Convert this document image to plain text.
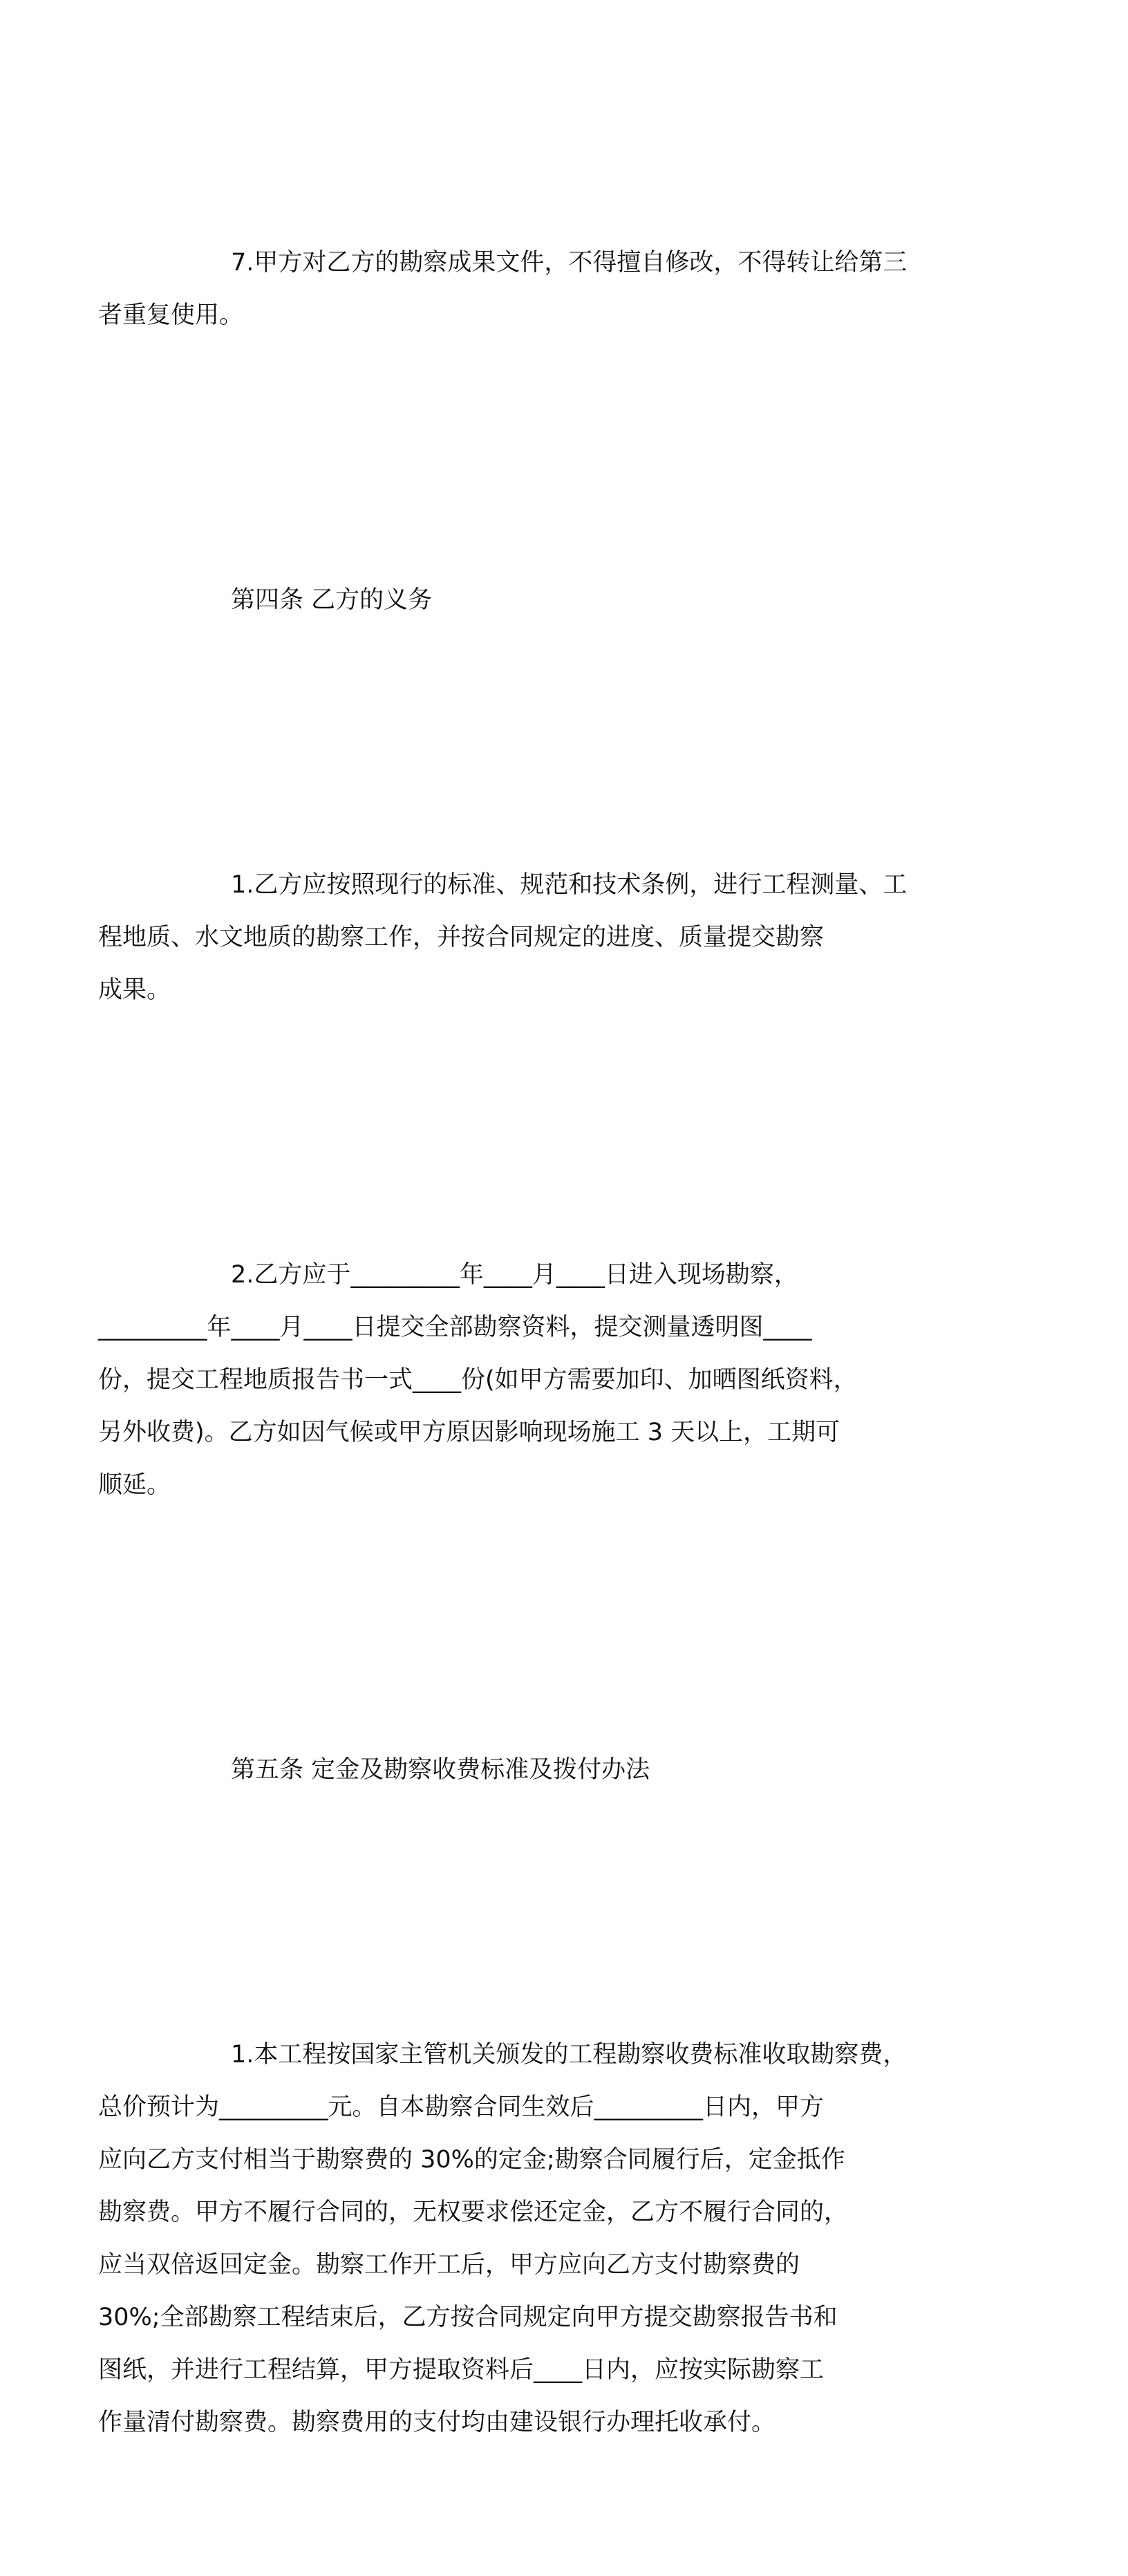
7.甲方对乙方的勘察成果文件，不得擅自修改，不得转让给第三
者重复使用。

第四条 乙方的义务

1.乙方应按照现行的标准、规范和技术条例，进行工程测量、工
程地质、水文地质的勘察工作，并按合同规定的进度、质量提交勘察
成果。

2.乙方应于_________年____月____日进入现场勘察，
_________年____月____日提交全部勘察资料，提交测量透明图____
份，提交工程地质报告书一式____份(如甲方需要加印、加晒图纸资料，
另外收费)。乙方如因气候或甲方原因影响现场施工 3 天以上，工期可
顺延。

第五条 定金及勘察收费标准及拨付办法

1.本工程按国家主管机关颁发的工程勘察收费标准收取勘察费，
总价预计为_________元。自本勘察合同生效后_________日内，甲方
应向乙方支付相当于勘察费的 30%的定金;勘察合同履行后，定金抵作
勘察费。甲方不履行合同的，无权要求偿还定金，乙方不履行合同的，
应当双倍返回定金。勘察工作开工后，甲方应向乙方支付勘察费的
30%;全部勘察工程结束后，乙方按合同规定向甲方提交勘察报告书和
图纸，并进行工程结算，甲方提取资料后____日内，应按实际勘察工
作量清付勘察费。勘察费用的支付均由建设银行办理托收承付。
